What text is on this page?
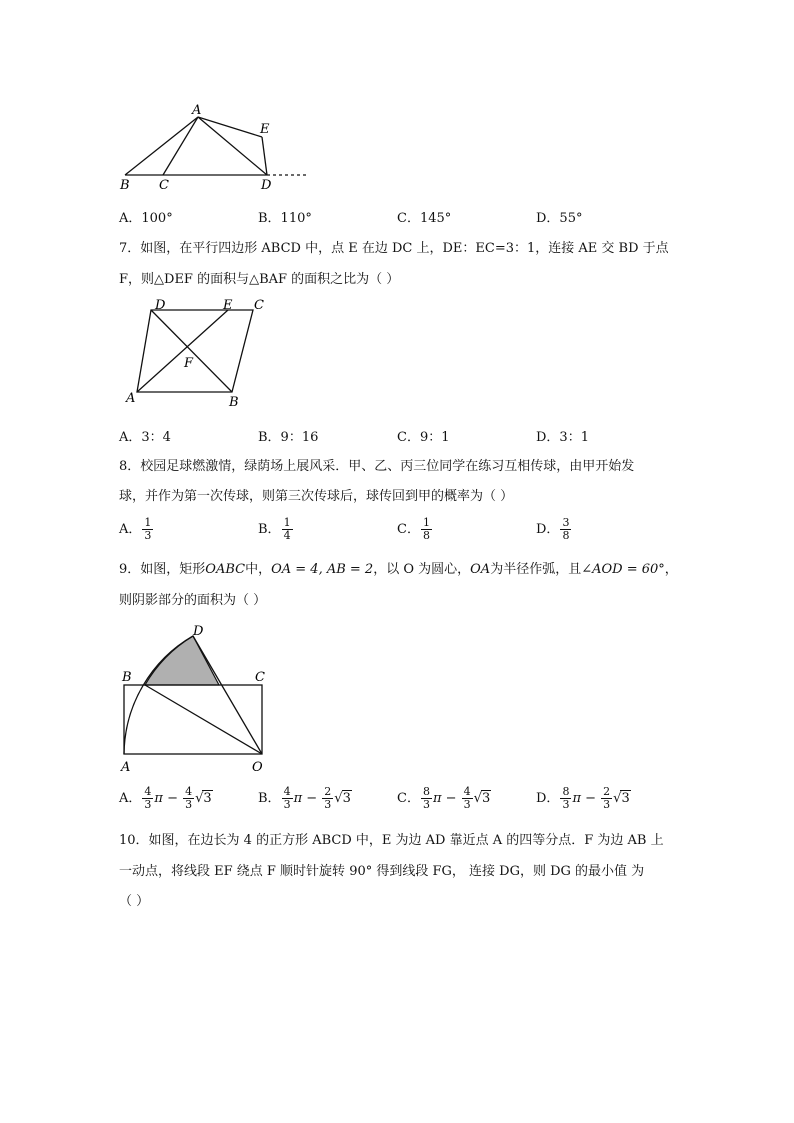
A
E
B C	D
A．100°	B．110°	C．145°	D．55°
7．如图，在平行四边形 ABCD 中，点 E 在边 DC 上，DE：EC=3：1，连接 AE 交 BD 于点
F，则△DEF 的面积与△BAF 的面积之比为（ ）
D	E C
F
A	B
A．3：4	B．9：16	C．9：1	D．3：1
8．校园足球燃激情，绿荫场上展风采．甲、乙、丙三位同学在练习互相传球，由甲开始发
球，并作为第一次传球，则第三次传球后，球传回到甲的概率为（ ）
A． $\frac{1}{3}$	B． $\frac{1}{4}$	C． $\frac{1}{8}$	D． $\frac{3}{8}$
9．如图，矩形OABC中，OA = 4, AB = 2，以 O 为圆心，OA为半径作弧，且∠AOD = 60°，
则阴影部分的面积为（ ）
D
B	C
A	O
A． $\frac{4}{3}$ $\pi - \frac{4}{3} √3$	B． $\frac{4}{3}$ $\pi - \frac{2}{3} √3$	C． $\frac{8}{3}$ $\pi - \frac{4}{3} √3$	D． $\frac{8}{3}$ $\pi - \frac{2}{3} √3$
10．如图，在边长为 4 的正方形 ABCD 中，E 为边 AD 靠近点 A 的四等分点．F 为边 AB 上
一动点，将线段 EF 绕点 F 顺时针旋转 90° 得到线段 FG， 连接 DG，则 DG 的最小值 为
（ ）
